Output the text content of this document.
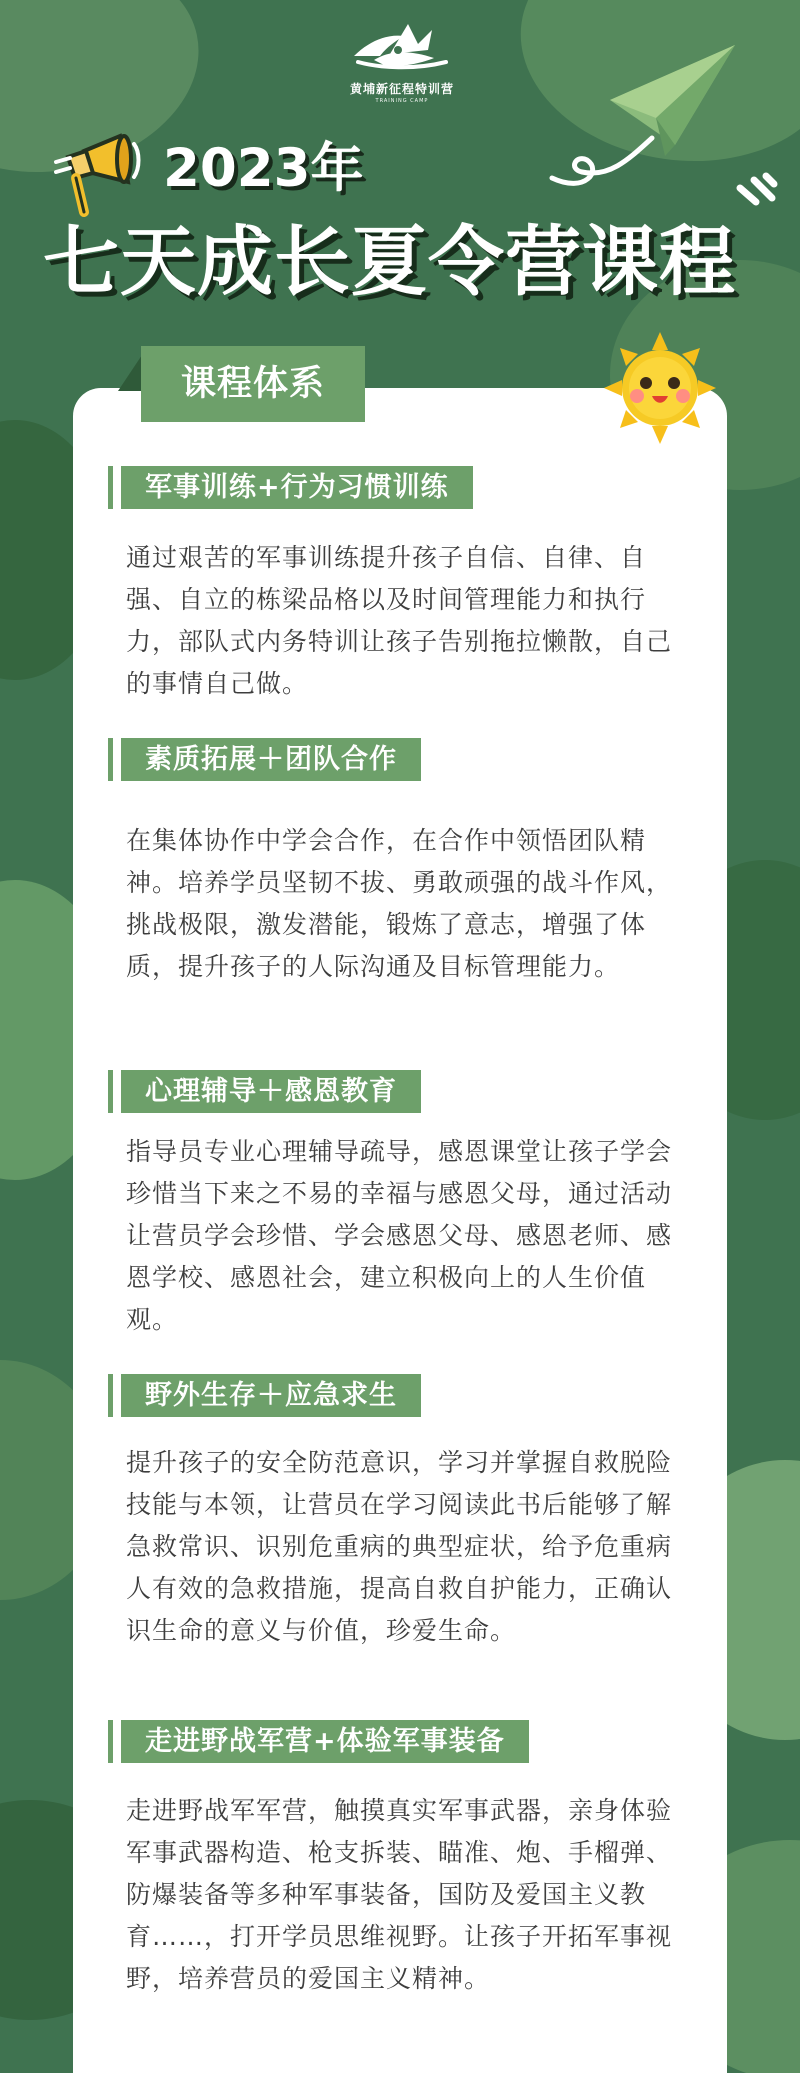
黄埔新征程特训营
TRAINING CAMP
2023年
七天成长夏令营课程
课程体系
军事训练+行为习惯训练

通过艰苦的军事训练提升孩子自信、自律、自强、自立的栋梁品格以及时间管理能力和执行力，部队式内务特训让孩子告别拖拉懒散，自己的事情自己做。

素质拓展＋团队合作

在集体协作中学会合作，在合作中领悟团队精神。培养学员坚韧不拔、勇敢顽强的战斗作风，挑战极限，激发潜能，锻炼了意志，增强了体质，提升孩子的人际沟通及目标管理能力。

心理辅导＋感恩教育

指导员专业心理辅导疏导，感恩课堂让孩子学会珍惜当下来之不易的幸福与感恩父母，通过活动让营员学会珍惜、学会感恩父母、感恩老师、感恩学校、感恩社会，建立积极向上的人生价值观。

野外生存＋应急求生

提升孩子的安全防范意识，学习并掌握自救脱险技能与本领，让营员在学习阅读此书后能够了解急救常识、识别危重病的典型症状，给予危重病人有效的急救措施，提高自救自护能力，正确认识生命的意义与价值，珍爱生命。

走进野战军营+体验军事装备

走进野战军军营，触摸真实军事武器，亲身体验军事武器构造、枪支拆装、瞄准、炮、手榴弹、防爆装备等多种军事装备，国防及爱国主义教育……，打开学员思维视野。让孩子开拓军事视野，培养营员的爱国主义精神。
